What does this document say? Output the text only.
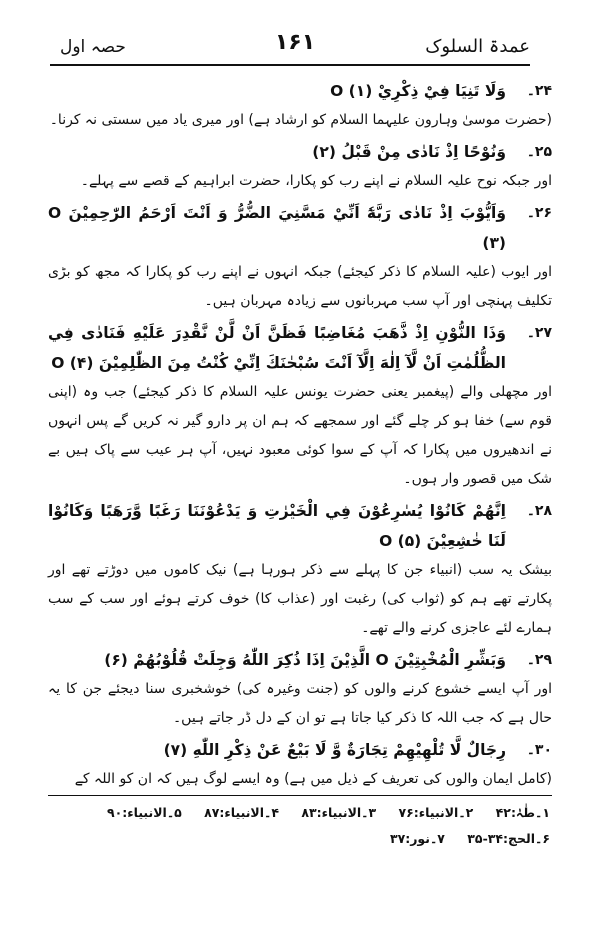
عمدۃ السلوک
۱۶۱
حصہ اول
۲۴۔
وَلَا تَنِيَا فِيْ ذِكْرِيْ O (۱)
(حضرت موسیٰ وہارون علیہما السلام کو ارشاد ہے) اور میری یاد میں سستی نہ کرنا۔
۲۵۔
وَنُوْحًا اِذْ نَادٰى مِنْ قَبْلُ (۲)
اور جبکہ نوح علیہ السلام نے اپنے رب کو پکارا، حضرت ابراہیم کے قصے سے پہلے۔
۲۶۔
وَاَيُّوْبَ اِذْ نَادٰى رَبَّهٗٓ اَنِّيْ مَسَّنِيَ الضُّرُّ وَ اَنْتَ اَرْحَمُ الرّٰحِمِيْنَ O (۳)
اور ایوب (علیہ السلام کا ذکر کیجئے) جبکہ انہوں نے اپنے رب کو پکارا کہ مجھ کو بڑی تکلیف پہنچی اور آپ سب مہربانوں سے زیادہ مہربان ہیں۔
۲۷۔
وَذَا النُّوْنِ اِذْ ذَّهَبَ مُغَاضِبًا فَظَنَّ اَنْ لَّنْ نَّقْدِرَ عَلَيْهِ فَنَادٰى فِي الظُّلُمٰتِ اَنْ لَّآ اِلٰهَ اِلَّآ اَنْتَ سُبْحٰنَكَ اِنِّيْ كُنْتُ مِنَ الظّٰلِمِيْنَ O (۴)
اور مچھلی والے (پیغمبر یعنی حضرت یونس علیہ السلام کا ذکر کیجئے) جب وہ (اپنی قوم سے) خفا ہو کر چلے گئے اور سمجھے کہ ہم ان پر دارو گیر نہ کریں گے پس انہوں نے اندھیروں میں پکارا کہ آپ کے سوا کوئی معبود نہیں، آپ ہر عیب سے پاک ہیں بے شک میں قصور وار ہوں۔
۲۸۔
اِنَّهُمْ كَانُوْا يُسٰرِعُوْنَ فِي الْخَيْرٰتِ وَ يَدْعُوْنَنَا رَغَبًا وَّرَهَبًا وَكَانُوْا لَنَا خٰشِعِيْنَ O (۵)
بیشک یہ سب (انبیاء جن کا پہلے سے ذکر ہورہا ہے) نیک کاموں میں دوڑتے تھے اور پکارتے تھے ہم کو (ثواب کی) رغبت اور (عذاب کا) خوف کرتے ہوئے اور سب کے سب ہمارے لئے عاجزی کرنے والے تھے۔
۲۹۔
وَبَشِّرِ الْمُخْبِتِيْنَ O الَّذِيْنَ اِذَا ذُكِرَ اللّٰهُ وَجِلَتْ قُلُوْبُهُمْ (۶)
اور آپ ایسے خشوع کرنے والوں کو (جنت وغیرہ کی) خوشخبری سنا دیجئے جن کا یہ حال ہے کہ جب اللہ کا ذکر کیا جاتا ہے تو ان کے دل ڈر جاتے ہیں۔
۳۰۔
رِجَالٌ لَّا تُلْهِيْهِمْ تِجَارَةٌ وَّ لَا بَيْعٌ عَنْ ذِكْرِ اللّٰهِ (۷)
(کامل ایمان والوں کی تعریف کے ذیل میں ہے) وہ ایسے لوگ ہیں کہ ان کو اللہ کے
۱۔طٰہٰ:۴۲ ۲۔الانبیاء:۷۶ ۳۔الانبیاء:۸۳ ۴۔الانبیاء:۸۷ ۵۔الانبیاء:۹۰
۶۔الحج:۳۴-۳۵ ۷۔نور:۳۷
